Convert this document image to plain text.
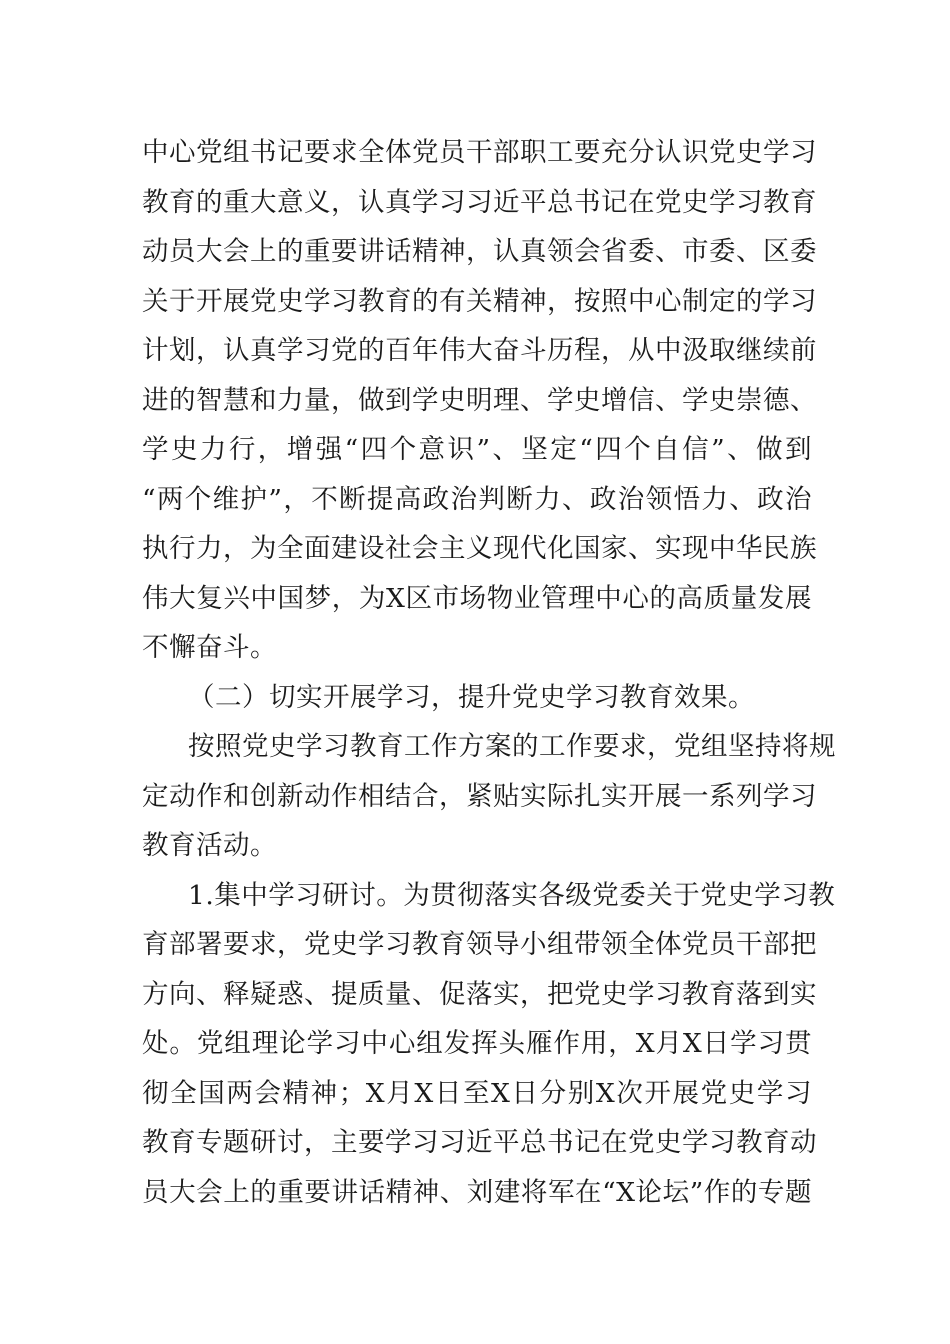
中心党组书记要求全体党员干部职工要充分认识党史学习
教育的重大意义，认真学习习近平总书记在党史学习教育
动员大会上的重要讲话精神，认真领会省委、市委、区委
关于开展党史学习教育的有关精神，按照中心制定的学习
计划，认真学习党的百年伟大奋斗历程，从中汲取继续前
进的智慧和力量，做到学史明理、学史增信、学史崇德、
学史力行，增强“四个意识”、坚定“四个自信”、做到
“两个维护”，不断提高政治判断力、政治领悟力、政治
执行力，为全面建设社会主义现代化国家、实现中华民族
伟大复兴中国梦，为X区市场物业管理中心的高质量发展
不懈奋斗。
（二）切实开展学习，提升党史学习教育效果。
按照党史学习教育工作方案的工作要求，党组坚持将规
定动作和创新动作相结合，紧贴实际扎实开展一系列学习
教育活动。
1.集中学习研讨。为贯彻落实各级党委关于党史学习教
育部署要求，党史学习教育领导小组带领全体党员干部把
方向、释疑惑、提质量、促落实，把党史学习教育落到实
处。党组理论学习中心组发挥头雁作用，X月X日学习贯
彻全国两会精神；X月X日至X日分别X次开展党史学习
教育专题研讨，主要学习习近平总书记在党史学习教育动
员大会上的重要讲话精神、刘建将军在“X论坛”作的专题
